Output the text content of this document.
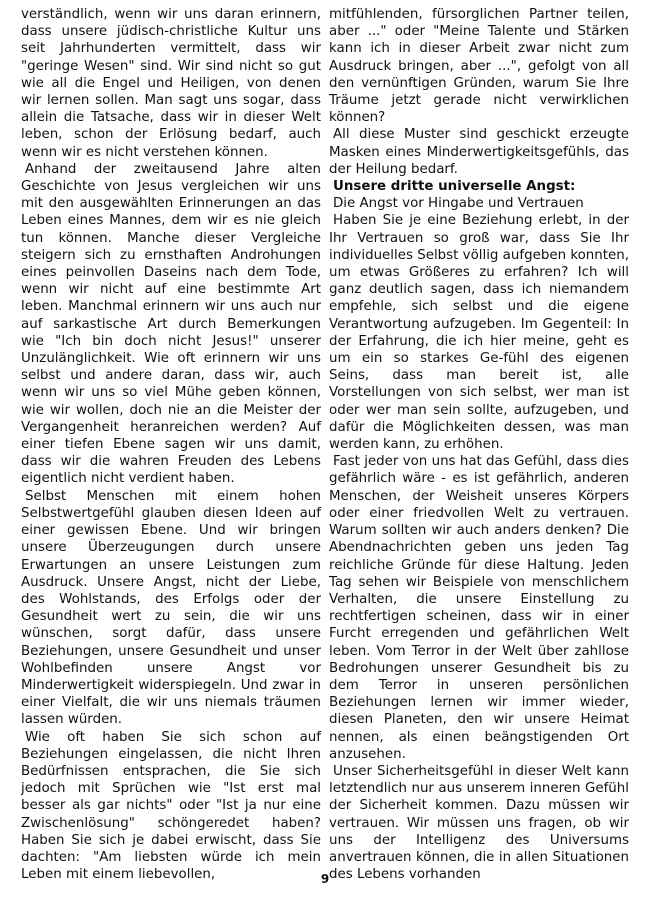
verständlich, wenn wir uns daran erinnern, dass unsere jüdisch-christliche Kultur uns seit Jahrhunderten vermittelt, dass wir "geringe Wesen" sind. Wir sind nicht so gut wie all die Engel und Heiligen, von denen wir lernen sollen. Man sagt uns sogar, dass allein die Tatsache, dass wir in dieser Welt leben, schon der Erlösung bedarf, auch wenn wir es nicht verstehen können.

Anhand der zweitausend Jahre alten Geschichte von Jesus vergleichen wir uns mit den ausgewählten Erinnerungen an das Leben eines Mannes, dem wir es nie gleich tun können. Manche dieser Vergleiche steigern sich zu ernsthaften Androhungen eines peinvollen Daseins nach dem Tode, wenn wir nicht auf eine bestimmte Art leben. Manchmal erinnern wir uns auch nur auf sarkastische Art durch Bemerkungen wie "Ich bin doch nicht Jesus!" unserer Unzulänglichkeit. Wie oft erinnern wir uns selbst und andere daran, dass wir, auch wenn wir uns so viel Mühe geben können, wie wir wollen, doch nie an die Meister der Vergangenheit heranreichen werden? Auf einer tiefen Ebene sagen wir uns damit, dass wir die wahren Freuden des Lebens eigentlich nicht verdient haben.

Selbst Menschen mit einem hohen Selbstwertgefühl glauben diesen Ideen auf einer gewissen Ebene. Und wir bringen unsere Überzeugungen durch unsere Erwartungen an unsere Leistungen zum Ausdruck. Unsere Angst, nicht der Liebe, des Wohlstands, des Erfolgs oder der Gesundheit wert zu sein, die wir uns wünschen, sorgt dafür, dass unsere Beziehungen, unsere Gesundheit und unser Wohlbefinden unsere Angst vor Minderwertigkeit widerspiegeln. Und zwar in einer Vielfalt, die wir uns niemals träumen lassen würden.

Wie oft haben Sie sich schon auf Beziehungen eingelassen, die nicht Ihren Bedürfnissen entsprachen, die Sie sich jedoch mit Sprüchen wie "Ist erst mal besser als gar nichts" oder "Ist ja nur eine Zwischenlösung" schöngeredet haben? Haben Sie sich je dabei erwischt, dass Sie dachten: "Am liebsten würde ich mein Leben mit einem liebevollen,

mitfühlenden, fürsorglichen Partner teilen, aber ..." oder "Meine Talente und Stärken kann ich in dieser Arbeit zwar nicht zum Ausdruck bringen, aber ...", gefolgt von all den vernünftigen Gründen, warum Sie Ihre Träume jetzt gerade nicht verwirklichen können?

All diese Muster sind geschickt erzeugte Masken eines Minderwertigkeitsgefühls, das der Heilung bedarf.

Unsere dritte universelle Angst:

Die Angst vor Hingabe und Vertrauen

Haben Sie je eine Beziehung erlebt, in der Ihr Vertrauen so groß war, dass Sie Ihr individuelles Selbst völlig aufgeben konnten, um etwas Größeres zu erfahren? Ich will ganz deutlich sagen, dass ich niemandem empfehle, sich selbst und die eigene Verantwortung aufzugeben. Im Gegenteil: In der Erfahrung, die ich hier meine, geht es um ein so starkes Ge-fühl des eigenen Seins, dass man bereit ist, alle Vorstellungen von sich selbst, wer man ist oder wer man sein sollte, aufzugeben, und dafür die Möglichkeiten dessen, was man werden kann, zu erhöhen.

Fast jeder von uns hat das Gefühl, dass dies gefährlich wäre - es ist gefährlich, anderen Menschen, der Weisheit unseres Körpers oder einer friedvollen Welt zu vertrauen. Warum sollten wir auch anders denken? Die Abendnachrichten geben uns jeden Tag reichliche Gründe für diese Haltung. Jeden Tag sehen wir Beispiele von menschlichem Verhalten, die unsere Einstellung zu rechtfertigen scheinen, dass wir in einer Furcht erregenden und gefährlichen Welt leben. Vom Terror in der Welt über zahllose Bedrohungen unserer Gesundheit bis zu dem Terror in unseren persönlichen Beziehungen lernen wir immer wieder, diesen Planeten, den wir unsere Heimat nennen, als einen beängstigenden Ort anzusehen.

Unser Sicherheitsgefühl in dieser Welt kann letztendlich nur aus unserem inneren Gefühl der Sicherheit kommen. Dazu müssen wir vertrauen. Wir müssen uns fragen, ob wir uns der Intelligenz des Universums anvertrauen können, die in allen Situationen des Lebens vorhanden

9
